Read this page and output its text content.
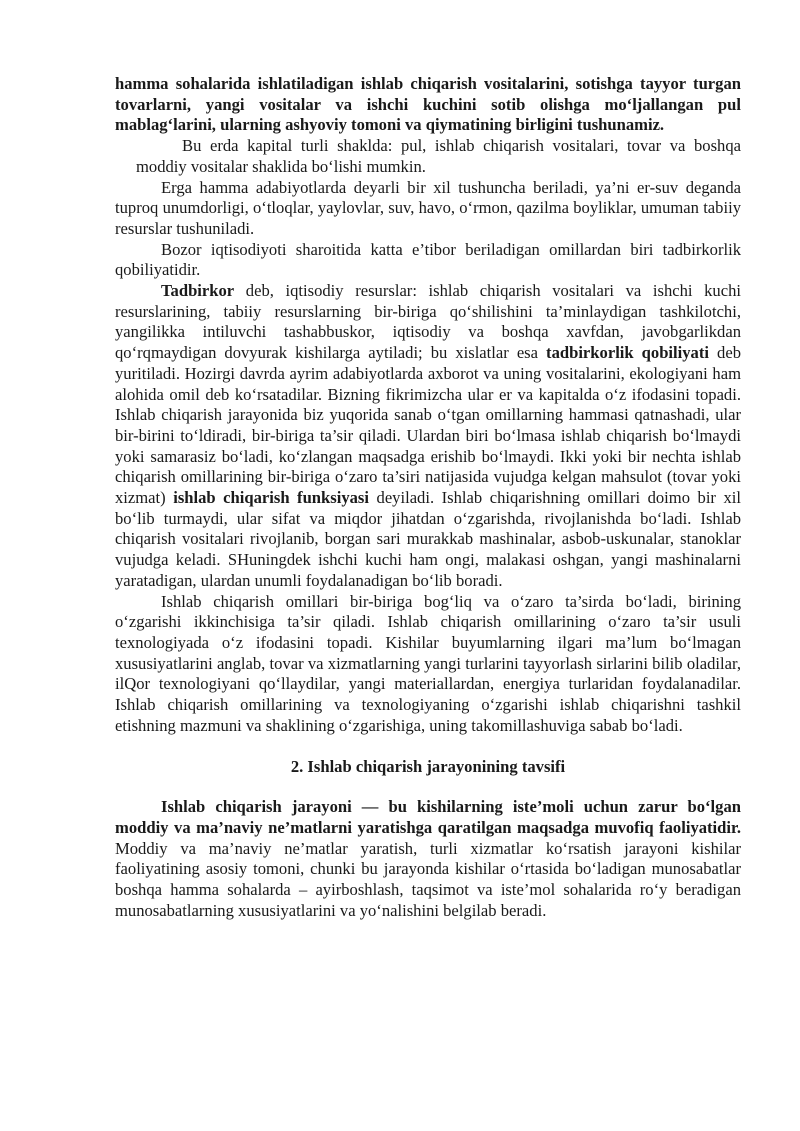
hamma sohalarida ishlatiladigan ishlab chiqarish vositalarini, sotishga tayyor turgan tovarlarni, yangi vositalar va ishchi kuchini sotib olishga mo‘ljallangan pul mablag‘larini, ularning ashyoviy tomoni va qiymatining birligini tushunamiz.

Bu erda kapital turli shaklda: pul, ishlab chiqarish vositalari, tovar va boshqa moddiy vositalar shaklida bo‘lishi mumkin.

Erga hamma adabiyotlarda deyarli bir xil tushuncha beriladi, ya’ni er-suv deganda tuproq unumdorligi, o‘tloqlar, yaylovlar, suv, havo, o‘rmon, qazilma boyliklar, umuman tabiiy resurslar tushuniladi.

Bozor iqtisodiyoti sharoitida katta e’tibor beriladigan omillardan biri tadbirkorlik qobiliyatidir.

Tadbirkor deb, iqtisodiy resurslar: ishlab chiqarish vositalari va ishchi kuchi resurslarining, tabiiy resurslarning bir-biriga qo‘shilishini ta’minlaydigan tashkilotchi, yangilikka intiluvchi tashabbuskor, iqtisodiy va boshqa xavfdan, javobgarlikdan qo‘rqmaydigan dovyurak kishilarga aytiladi; bu xislatlar esa tadbirkorlik qobiliyati deb yuritiladi. Hozirgi davrda ayrim adabiyotlarda axborot va uning vositalarini, ekologiyani ham alohida omil deb ko‘rsatadilar. Bizning fikrimizcha ular er va kapitalda o‘z ifodasini topadi. Ishlab chiqarish jarayonida biz yuqorida sanab o‘tgan omillarning hammasi qatnashadi, ular bir-birini to‘ldiradi, bir-biriga ta’sir qiladi. Ulardan biri bo‘lmasa ishlab chiqarish bo‘lmaydi yoki samarasiz bo‘ladi, ko‘zlangan maqsadga erishib bo‘lmaydi. Ikki yoki bir nechta ishlab chiqarish omillarining bir-biriga o‘zaro ta’siri natijasida vujudga kelgan mahsulot (tovar yoki xizmat) ishlab chiqarish funksiyasi deyiladi. Ishlab chiqarishning omillari doimo bir xil bo‘lib turmaydi, ular sifat va miqdor jihatdan o‘zgarishda, rivojlanishda bo‘ladi. Ishlab chiqarish vositalari rivojlanib, borgan sari murakkab mashinalar, asbob-uskunalar, stanoklar vujudga keladi. SHuningdek ishchi kuchi ham ongi, malakasi oshgan, yangi mashinalarni yaratadigan, ulardan unumli foydalanadigan bo‘lib boradi.

Ishlab chiqarish omillari bir-biriga bog‘liq va o‘zaro ta’sirda bo‘ladi, birining o‘zgarishi ikkinchisiga ta’sir qiladi. Ishlab chiqarish omillarining o‘zaro ta’sir usuli texnologiyada o‘z ifodasini topadi. Kishilar buyumlarning ilgari ma’lum bo‘lmagan xususiyatlarini anglab, tovar va xizmatlarning yangi turlarini tayyorlash sirlarini bilib oladilar, ilQor texnologiyani qo‘llaydilar, yangi materiallardan, energiya turlaridan foydalanadilar. Ishlab chiqarish omillarining va texnologiyaning o‘zgarishi ishlab chiqarishni tashkil etishning mazmuni va shaklining o‘zgarishiga, uning takomillashuviga sabab bo‘ladi.

2. Ishlab chiqarish jarayonining tavsifi

Ishlab chiqarish jarayoni — bu kishilarning iste’moli uchun zarur bo‘lgan moddiy va ma’naviy ne’matlarni yaratishga qaratilgan maqsadga muvofiq faoliyatidir. Moddiy va ma’naviy ne’matlar yaratish, turli xizmatlar ko‘rsatish jarayoni kishilar faoliyatining asosiy tomoni, chunki bu jarayonda kishilar o‘rtasida bo‘ladigan munosabatlar boshqa hamma sohalarda – ayirboshlash, taqsimot va iste’mol sohalarida ro‘y beradigan munosabatlarning xususiyatlarini va yo‘nalishini belgilab beradi.
